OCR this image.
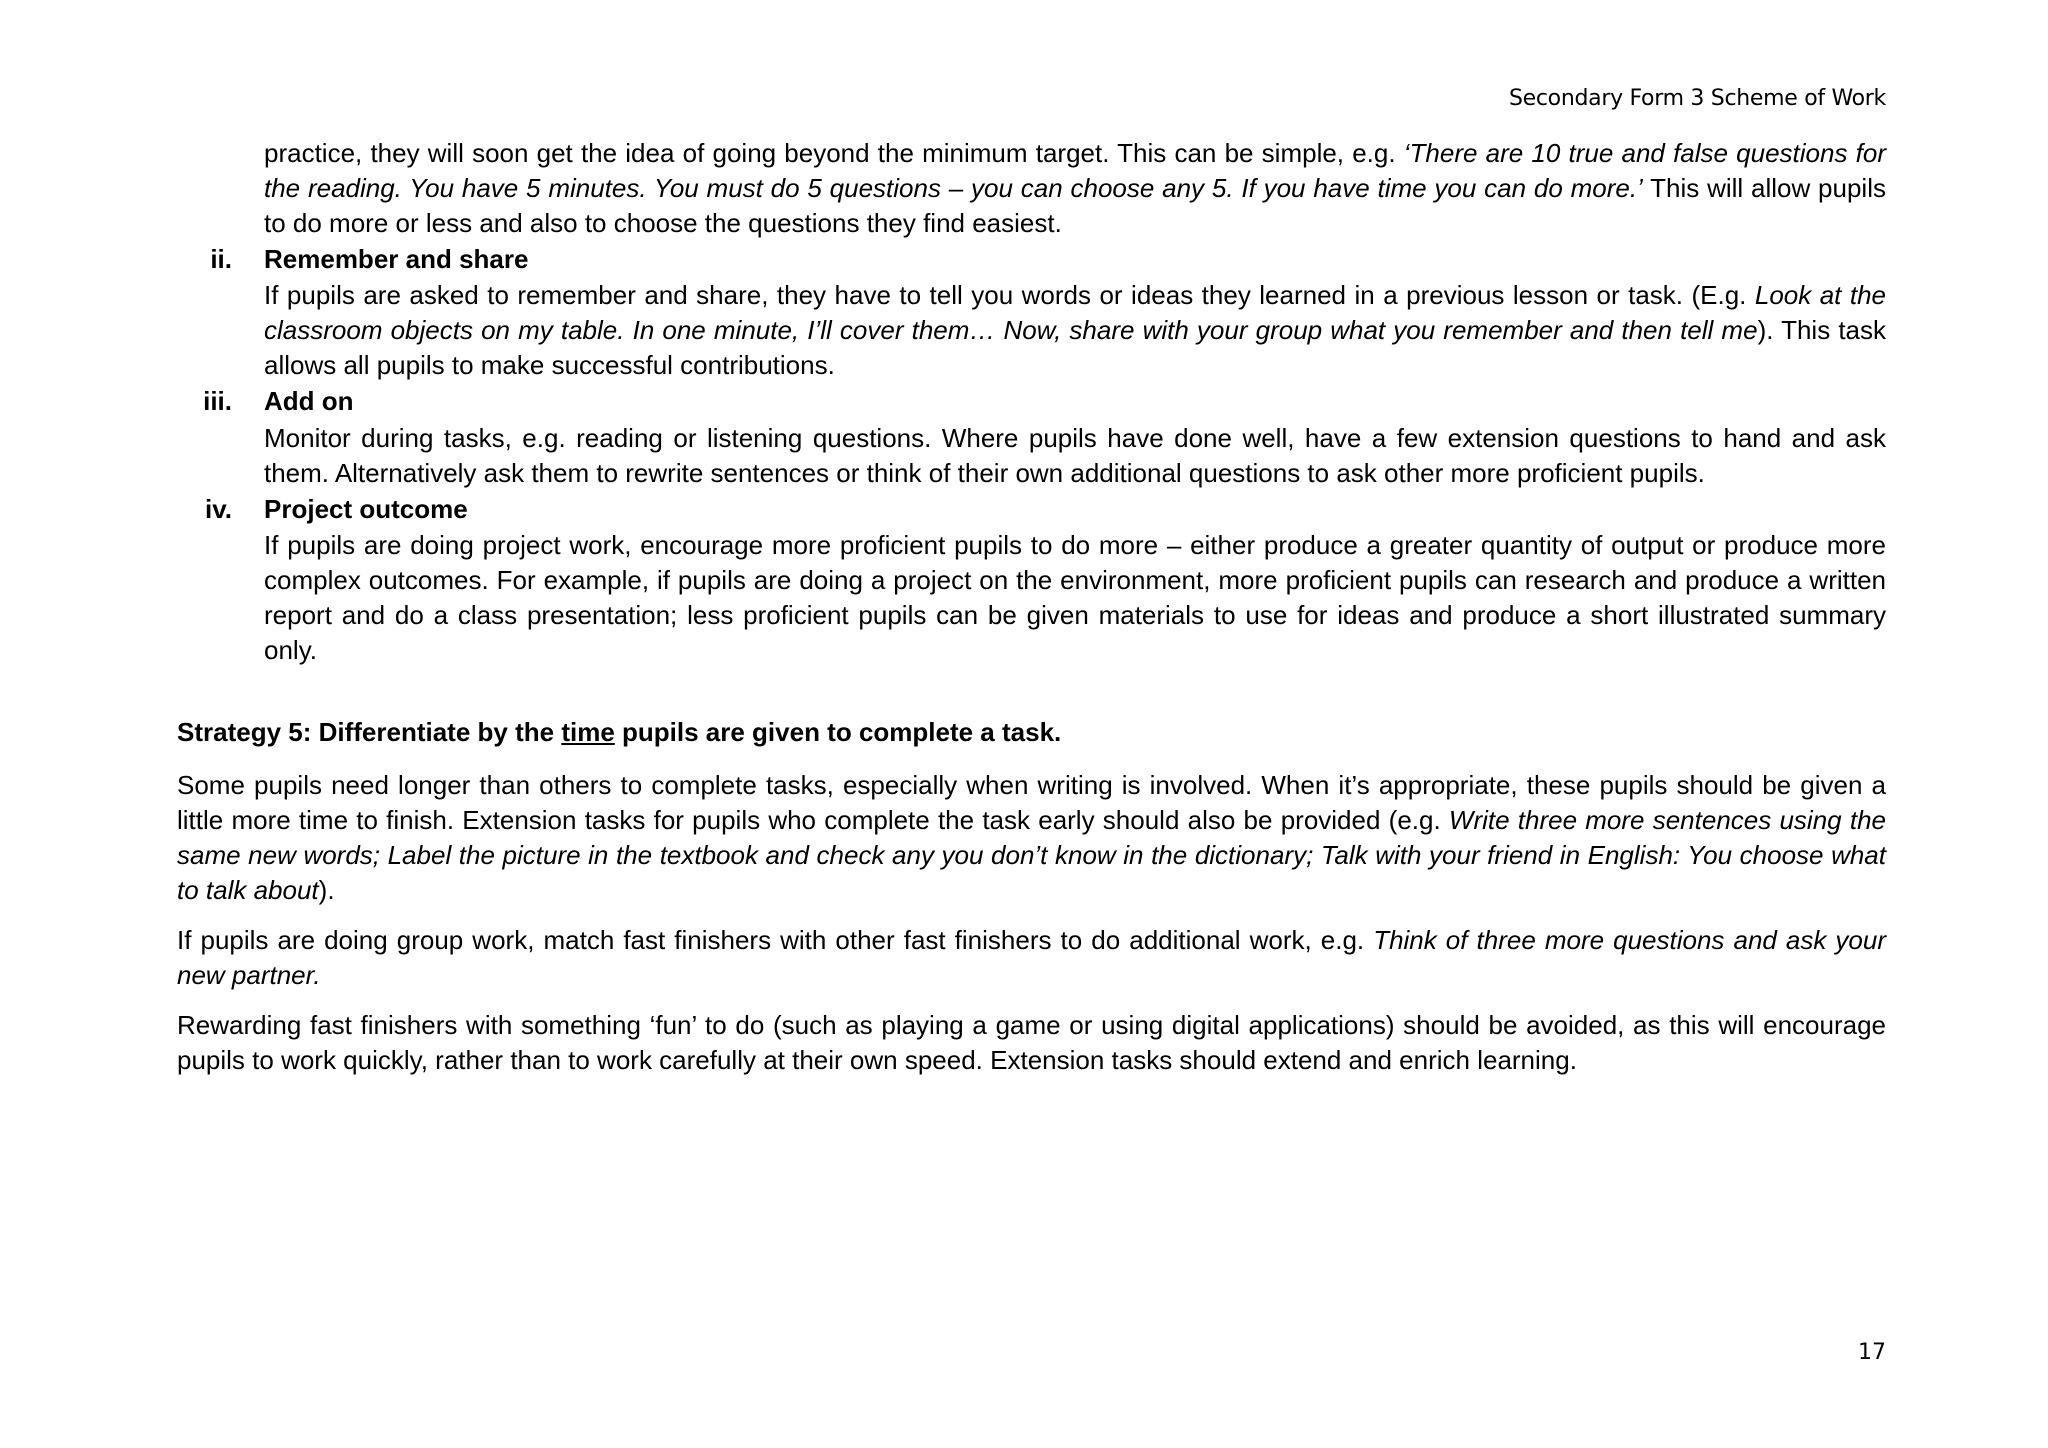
Secondary Form 3 Scheme of Work
practice, they will soon get the idea of going beyond the minimum target. This can be simple, e.g. ‘There are 10 true and false questions for the reading. You have 5 minutes. You must do 5 questions – you can choose any 5. If you have time you can do more.’ This will allow pupils to do more or less and also to choose the questions they find easiest.
ii. Remember and share
If pupils are asked to remember and share, they have to tell you words or ideas they learned in a previous lesson or task. (E.g. Look at the classroom objects on my table. In one minute, I’ll cover them… Now, share with your group what you remember and then tell me). This task allows all pupils to make successful contributions.
iii. Add on
Monitor during tasks, e.g. reading or listening questions. Where pupils have done well, have a few extension questions to hand and ask them. Alternatively ask them to rewrite sentences or think of their own additional questions to ask other more proficient pupils.
iv. Project outcome
If pupils are doing project work, encourage more proficient pupils to do more – either produce a greater quantity of output or produce more complex outcomes. For example, if pupils are doing a project on the environment, more proficient pupils can research and produce a written report and do a class presentation; less proficient pupils can be given materials to use for ideas and produce a short illustrated summary only.
Strategy 5: Differentiate by the time pupils are given to complete a task.
Some pupils need longer than others to complete tasks, especially when writing is involved. When it’s appropriate, these pupils should be given a little more time to finish. Extension tasks for pupils who complete the task early should also be provided (e.g. Write three more sentences using the same new words; Label the picture in the textbook and check any you don’t know in the dictionary; Talk with your friend in English: You choose what to talk about).
If pupils are doing group work, match fast finishers with other fast finishers to do additional work, e.g. Think of three more questions and ask your new partner.
Rewarding fast finishers with something ‘fun’ to do (such as playing a game or using digital applications) should be avoided, as this will encourage pupils to work quickly, rather than to work carefully at their own speed. Extension tasks should extend and enrich learning.
17
